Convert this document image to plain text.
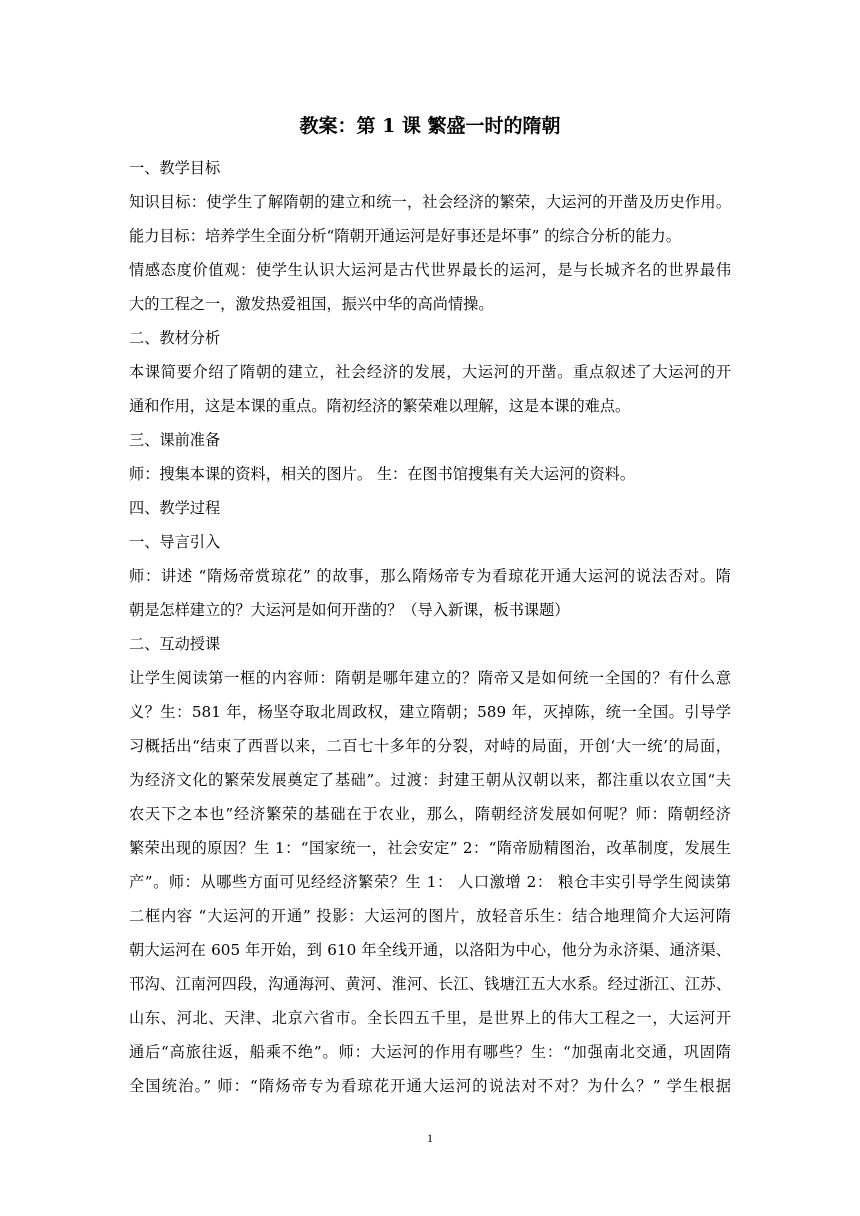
教案：第 1 课 繁盛一时的隋朝
一、教学目标
知识目标：使学生了解隋朝的建立和统一，社会经济的繁荣，大运河的开凿及历史作用。
能力目标：培养学生全面分析“隋朝开通运河是好事还是坏事” 的综合分析的能力。
情感态度价值观：使学生认识大运河是古代世界最长的运河，是与长城齐名的世界最伟
大的工程之一，激发热爱祖国，振兴中华的高尚情操。
二、教材分析
本课简要介绍了隋朝的建立，社会经济的发展，大运河的开凿。重点叙述了大运河的开
通和作用，这是本课的重点。隋初经济的繁荣难以理解，这是本课的难点。
三、课前准备
师：搜集本课的资料，相关的图片。 生：在图书馆搜集有关大运河的资料。
四、教学过程
一、导言引入
师：讲述 “隋炀帝赏琼花” 的故事，那么隋炀帝专为看琼花开通大运河的说法否对。隋
朝是怎样建立的？大运河是如何开凿的？（导入新课，板书课题）
二、互动授课
让学生阅读第一框的内容师：隋朝是哪年建立的？隋帝又是如何统一全国的？有什么意
义？生：581 年，杨坚夺取北周政权，建立隋朝；589 年，灭掉陈，统一全国。引导学
习概括出“结束了西晋以来，二百七十多年的分裂，对峙的局面，开创‘大一统’的局面，
为经济文化的繁荣发展奠定了基础”。过渡：封建王朝从汉朝以来，都注重以农立国“夫
农天下之本也”经济繁荣的基础在于农业，那么，隋朝经济发展如何呢？师：隋朝经济
繁荣出现的原因？生 1：“国家统一，社会安定” 2：“隋帝励精图治，改革制度，发展生
产”。师：从哪些方面可见经经济繁荣？生 1： 人口激增 2： 粮仓丰实引导学生阅读第
二框内容 “大运河的开通” 投影：大运河的图片，放轻音乐生：结合地理简介大运河隋
朝大运河在 605 年开始，到 610 年全线开通，以洛阳为中心，他分为永济渠、通济渠、
邗沟、江南河四段，沟通海河、黄河、淮河、长江、钱塘江五大水系。经过浙江、江苏、
山东、河北、天津、北京六省市。全长四五千里，是世界上的伟大工程之一，大运河开
通后“高旅往返，船乘不绝”。师：大运河的作用有哪些？生：“加强南北交通，巩固隋
全国统治。” 师：“隋炀帝专为看琼花开通大运河的说法对不对？为什么？” 学生根据
1
